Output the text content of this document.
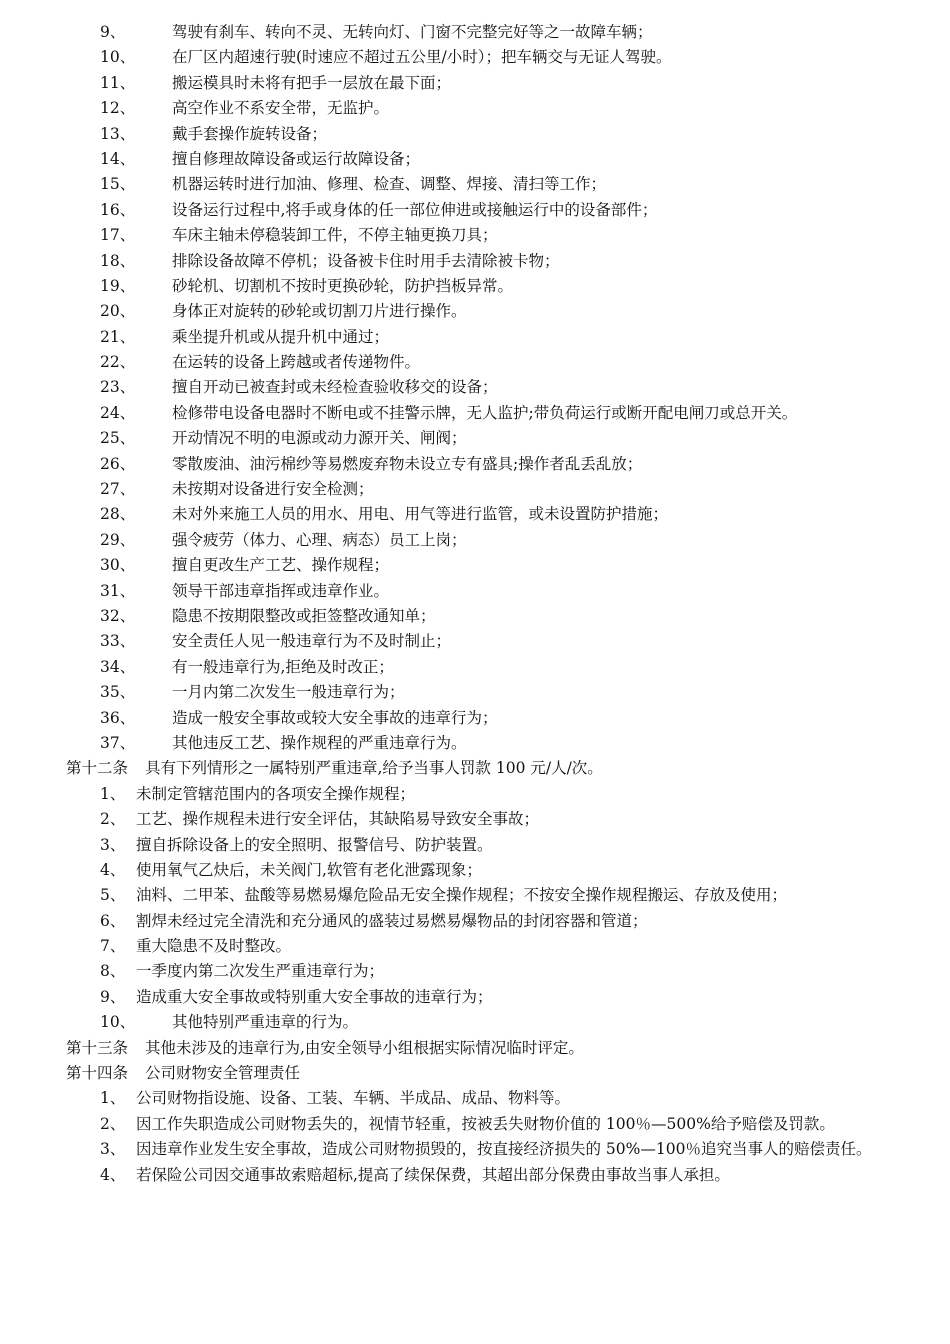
9、	驾驶有刹车、转向不灵、无转向灯、门窗不完整完好等之一故障车辆；
10、 在厂区内超速行驶(时速应不超过五公里/小时）；把车辆交与无证人驾驶。
11、 搬运模具时未将有把手一层放在最下面；
12、 高空作业不系安全带，无监护。
13、 戴手套操作旋转设备；
14、 擅自修理故障设备或运行故障设备；
15、 机器运转时进行加油、修理、检查、调整、焊接、清扫等工作；
16、 设备运行过程中,将手或身体的任一部位伸进或接触运行中的设备部件；
17、 车床主轴未停稳装卸工件，不停主轴更换刀具；
18、 排除设备故障不停机；设备被卡住时用手去清除被卡物；
19、 砂轮机、切割机不按时更换砂轮，防护挡板异常。
20、 身体正对旋转的砂轮或切割刀片进行操作。
21、 乘坐提升机或从提升机中通过；
22、 在运转的设备上跨越或者传递物件。
23、 擅自开动已被查封或未经检查验收移交的设备；
24、 检修带电设备电器时不断电或不挂警示牌，无人监护;带负荷运行或断开配电闸刀或总开关。
25、 开动情况不明的电源或动力源开关、闸阀；
26、 零散废油、油污棉纱等易燃废弃物未设立专有盛具;操作者乱丢乱放；
27、 未按期对设备进行安全检测；
28、 未对外来施工人员的用水、用电、用气等进行监管，或未设置防护措施；
29、 强令疲劳（体力、心理、病态）员工上岗；
30、 擅自更改生产工艺、操作规程；
31、 领导干部违章指挥或违章作业。
32、 隐患不按期限整改或拒签整改通知单；
33、 安全责任人见一般违章行为不及时制止；
34、 有一般违章行为,拒绝及时改正；
35、 一月内第二次发生一般违章行为；
36、 造成一般安全事故或较大安全事故的违章行为；
37、 其他违反工艺、操作规程的严重违章行为。
第十二条 具有下列情形之一属特别严重违章,给予当事人罚款 100 元/人/次。
1、 未制定管辖范围内的各项安全操作规程；
2、 工艺、操作规程未进行安全评估，其缺陷易导致安全事故；
3、 擅自拆除设备上的安全照明、报警信号、防护装置。
4、 使用氧气乙炔后，未关阀门,软管有老化泄露现象；
5、 油料、二甲苯、盐酸等易燃易爆危险品无安全操作规程；不按安全操作规程搬运、存放及使用；
6、 割焊未经过完全清洗和充分通风的盛装过易燃易爆物品的封闭容器和管道；
7、 重大隐患不及时整改。
8、 一季度内第二次发生严重违章行为；
9、 造成重大安全事故或特别重大安全事故的违章行为；
10、 其他特别严重违章的行为。
第十三条 其他未涉及的违章行为,由安全领导小组根据实际情况临时评定。
第十四条 公司财物安全管理责任
1、 公司财物指设施、设备、工装、车辆、半成品、成品、物料等。
2、 因工作失职造成公司财物丢失的，视情节轻重，按被丢失财物价值的 100％—500%给予赔偿及罚款。
3、 因违章作业发生安全事故，造成公司财物损毁的，按直接经济损失的 50%—100％追究当事人的赔偿责任。
4、 若保险公司因交通事故索赔超标,提高了续保保费，其超出部分保费由事故当事人承担。
